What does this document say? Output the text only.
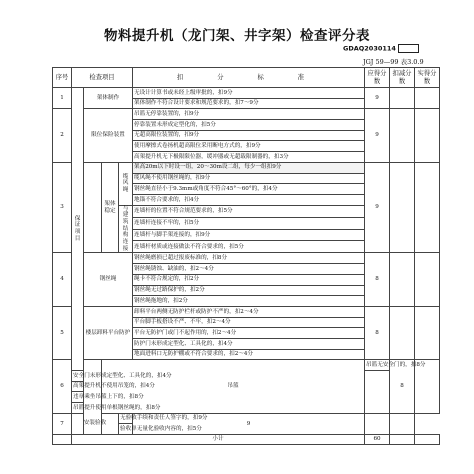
物料提升机（龙门架、井字架）检查评分表
GDAQ2030114
JGJ 59—99 表3.0.9
序号	检查项目				扣 分 标 准	应得分数	扣减分数	实得分数	
1	保证项目	架体制作			无设计计算书或未经上级审批的，扣9分	9			
					架体制作不符合设计要求和规范要求的，扣7～9分				
2		限位保险装置			吊篮无停靠装置的，扣9分	9			
					停靠装置未形成定型化的，扣5分				
					无超高限位装置的，扣9分				
					使用摩擦式卷扬机超高限位采用断电方式的，扣9分				
					高架提升机无下极限限位器，缓冲器或无超载限制器的，扣3分				
3			架体稳定	缆风绳	架高20m以下时设一组，20～30m设二组，每少一组扣9分	9			
					缆风绳不使用钢丝绳的，扣9分				
					钢丝绳直径小于9.3mm或角度不符合45°～60°的，扣4分				
					地锚不符合要求的，扣4分				
				与建筑结构连接	连墙杆的位置不符合规范要求的，扣5分				
					连墙杆连接不牢的，扣5分				
					连墙杆与脚手架连接的，扣9分				
					连墙杆材质或连接做法不符合要求的，扣5分				
4		钢丝绳			钢丝绳磨损已超过报废标准的，扣8分	8			
					钢丝绳锈蚀、缺油的，扣2～4分				
					绳卡不符合规定的，扣2分				
					钢丝绳无过路保护的，扣2分				
					钢丝绳拖地的，扣2分				
5		楼层卸料平台防护			卸料平台两侧无防护栏杆或防护不严的，扣2～4分	8			
					平台脚手板搭设不严、不牢，扣2～4分				
					平台无防护门或门不起作用的，扣2～4分				
					防护门未形成定型化、工具化的，扣4分				
					地面进料口无防护棚或不符合要求的，扣2～4分				
6			吊篮			吊篮无安全门的，扣8分	8		
	安全门未形成定型化、工具化的，扣4分								
	高架提升机不使用吊笼的，扣4分								
	违章乘坐吊篮上下的，扣8分								
	吊篮提升使用单根钢丝绳的，扣8分								
7	安装验收			无验收手续和责任人签字的，扣9分	9				
				验收单无量化验收内容的，扣5分					
	小计					60			
